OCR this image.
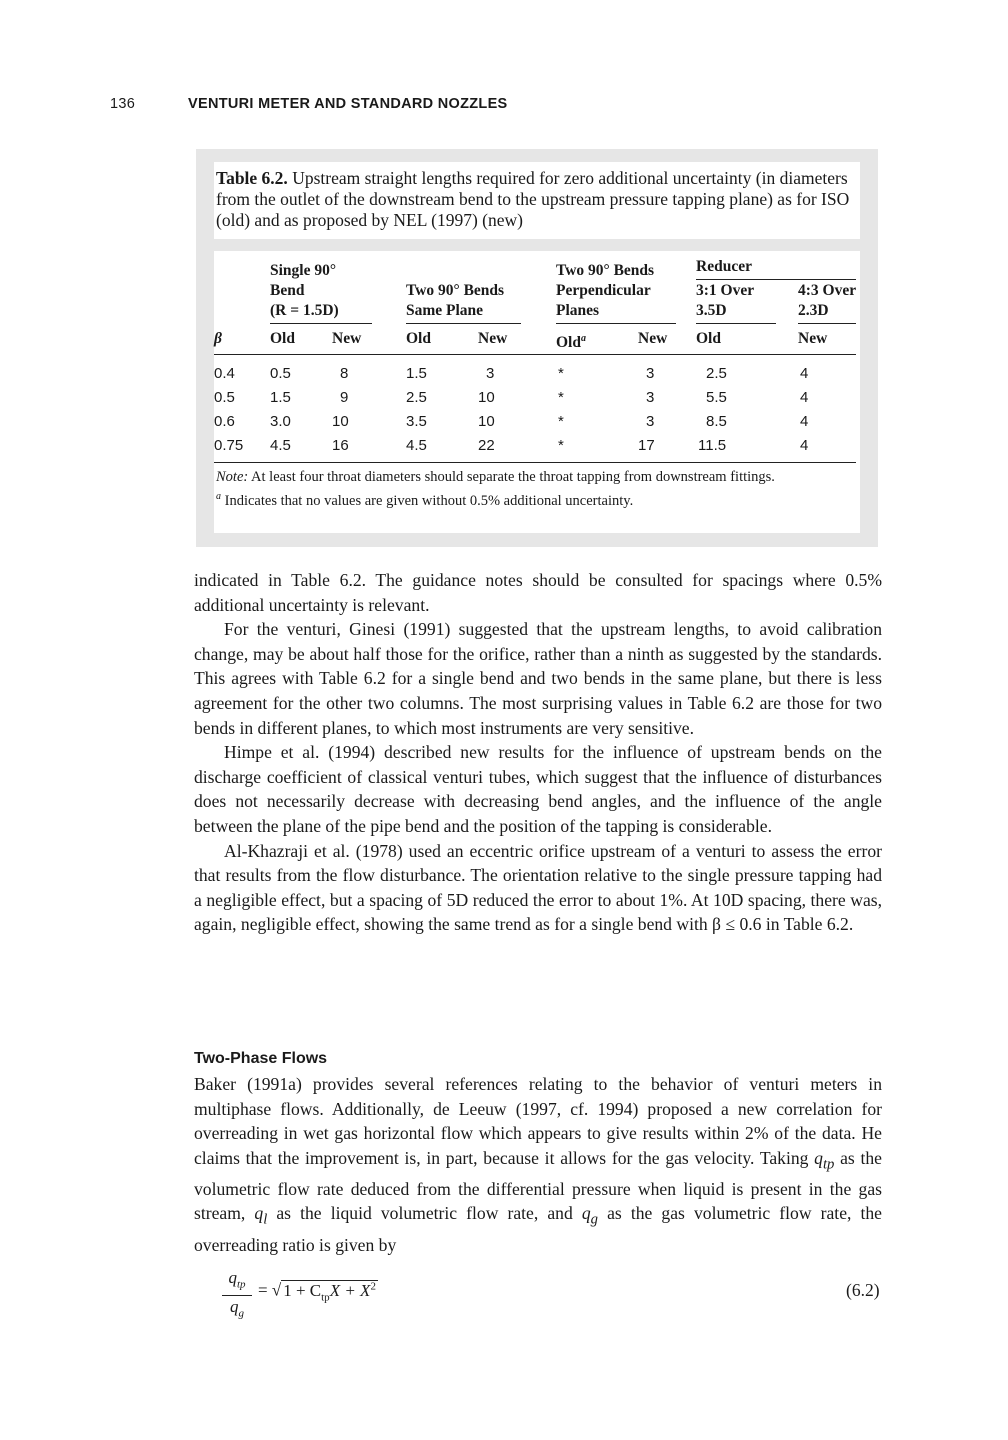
136	VENTURI METER AND STANDARD NOZZLES
Table 6.2. Upstream straight lengths required for zero additional uncertainty (in diameters from the outlet of the downstream bend to the upstream pressure tapping plane) as for ISO (old) and as proposed by NEL (1997) (new)
Single 90°
Bend
(R = 1.5D)
Two 90° Bends
Same Plane
Two 90° Bends
Perpendicular
Planes
Reducer
3:1 Over
3.5D
4:3 Over
2.3D
β	Old New	Old	New	Old$^a$	New Old	New
0.4 0.5	8	1.5	3	*	3	2.5	4
0.5 1.5	9	2.5	10	*	3	5.5	4
0.6 3.0	10	3.5	10	*	3	8.5	4
0.75 4.5	16	4.5	22	*	17	11.5	4
Note: At least four throat diameters should separate the throat tapping from downstream fittings.
$^a$ Indicates that no values are given without 0.5% additional uncertainty.

indicated in Table 6.2. The guidance notes should be consulted for spacings where 0.5% additional uncertainty is relevant.

For the venturi, Ginesi (1991) suggested that the upstream lengths, to avoid calibration change, may be about half those for the orifice, rather than a ninth as suggested by the standards. This agrees with Table 6.2 for a single bend and two bends in the same plane, but there is less agreement for the other two columns. The most surprising values in Table 6.2 are those for two bends in different planes, to which most instruments are very sensitive.

Himpe et al. (1994) described new results for the influence of upstream bends on the discharge coefficient of classical venturi tubes, which suggest that the influence of disturbances does not necessarily decrease with decreasing bend angles, and the influence of the angle between the plane of the pipe bend and the position of the tapping is considerable.

Al-Khazraji et al. (1978) used an eccentric orifice upstream of a venturi to assess the error that results from the flow disturbance. The orientation relative to the single pressure tapping had a negligible effect, but a spacing of 5D reduced the error to about 1%. At 10D spacing, there was, again, negligible effect, showing the same trend as for a single bend with β ≤ 0.6 in Table 6.2.

Two-Phase Flows

Baker (1991a) provides several references relating to the behavior of venturi meters in multiphase flows. Additionally, de Leeuw (1997, cf. 1994) proposed a new correlation for overreading in wet gas horizontal flow which appears to give results within 2% of the data. He claims that the improvement is, in part, because it allows for the gas velocity. Taking $q_{tp}$ as the volumetric flow rate deduced from the differential pressure when liquid is present in the gas stream, $q_l$ as the liquid volumetric flow rate, and $q_g$ as the gas volumetric flow rate, the overreading ratio is given by

$q_{tp}$
$q_g$
= √ $1 + C_{tp}X + X^2$	(6.2)
